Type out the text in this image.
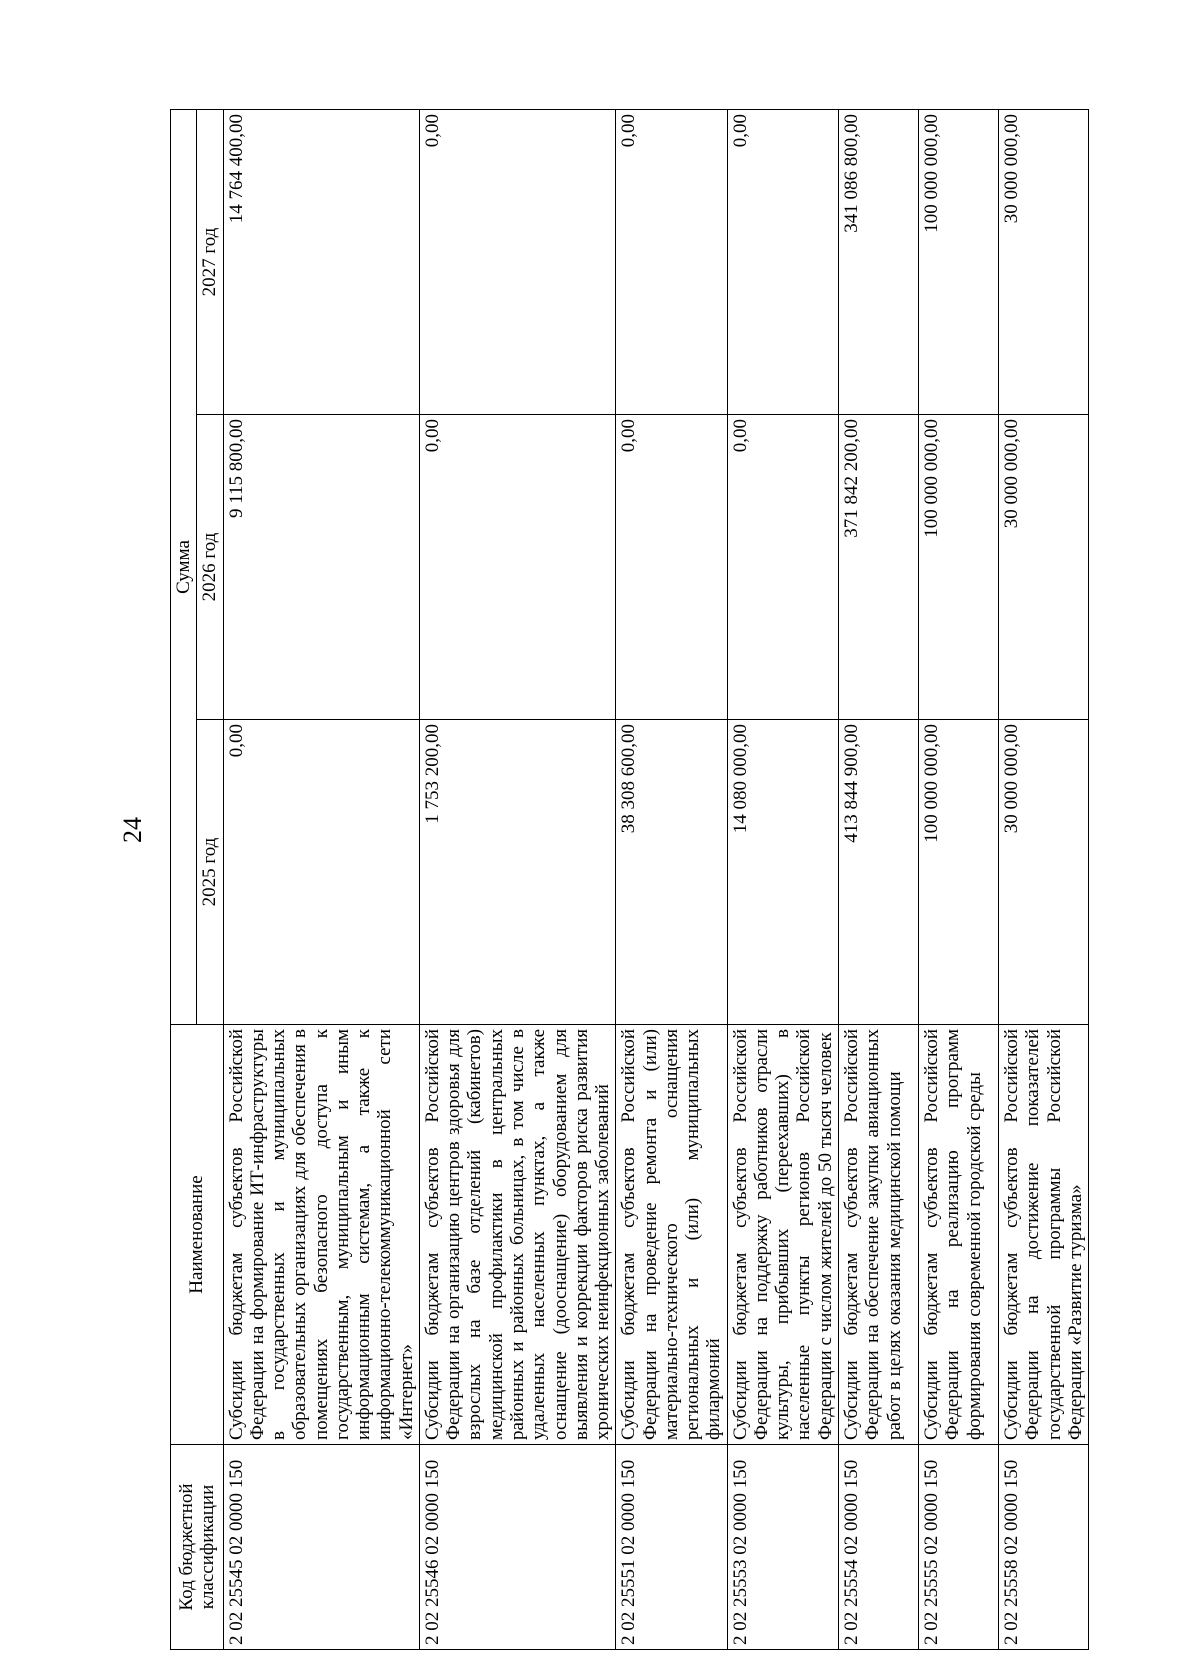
24
Код бюджетной классификации	Наименование	Сумма		
		2025 год	2026 год	2027 год
2 02 25545 02 0000 150	Субсидии бюджетам субъектов Российской Федерации на формирование ИТ-инфраструктуры в государственных и муниципальных образовательных организациях для обеспечения в помещениях безопасного доступа к государственным, муниципальным и иным информационным системам, а также к информационно-телекоммуникационной сети «Интернет»	0,00	9 115 800,00	14 764 400,00
2 02 25546 02 0000 150	Субсидии бюджетам субъектов Российской Федерации на организацию центров здоровья для взрослых на базе отделений (кабинетов) медицинской профилактики в центральных районных и районных больницах, в том числе в удаленных населенных пунктах, а также оснащение (дооснащение) оборудованием для выявления и коррекции факторов риска развития хронических неинфекционных заболеваний	1 753 200,00	0,00	0,00
2 02 25551 02 0000 150	Субсидии бюджетам субъектов Российской Федерации на проведение ремонта и (или) материально-технического оснащения региональных и (или) муниципальных филармоний	38 308 600,00	0,00	0,00
2 02 25553 02 0000 150	Субсидии бюджетам субъектов Российской Федерации на поддержку работников отрасли культуры, прибывших (переехавших) в населенные пункты регионов Российской Федерации с числом жителей до 50 тысяч человек	14 080 000,00	0,00	0,00
2 02 25554 02 0000 150	Субсидии бюджетам субъектов Российской Федерации на обеспечение закупки авиационных работ в целях оказания медицинской помощи	413 844 900,00	371 842 200,00	341 086 800,00
2 02 25555 02 0000 150	Субсидии бюджетам субъектов Российской Федерации на реализацию программ формирования современной городской среды	100 000 000,00	100 000 000,00	100 000 000,00
2 02 25558 02 0000 150	Субсидии бюджетам субъектов Российской Федерации на достижение показателей государственной программы Российской Федерации «Развитие туризма»	30 000 000,00	30 000 000,00	30 000 000,00
